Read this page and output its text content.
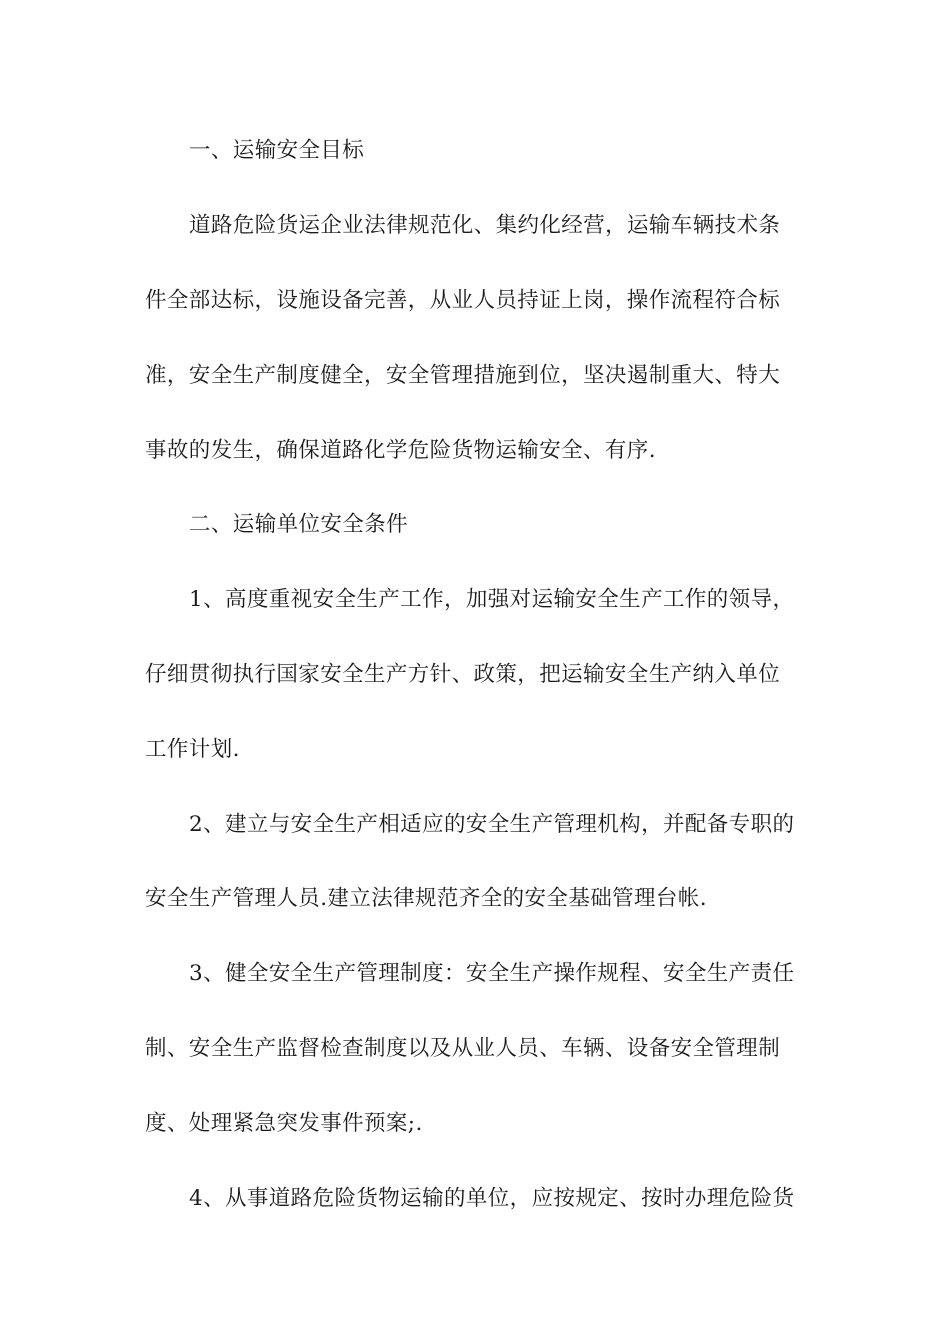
一、运输安全目标
道路危险货运企业法律规范化、集约化经营，运输车辆技术条
件全部达标，设施设备完善，从业人员持证上岗，操作流程符合标
准，安全生产制度健全，安全管理措施到位，坚决遏制重大、特大
事故的发生，确保道路化学危险货物运输安全、有序.
二、运输单位安全条件
1、高度重视安全生产工作，加强对运输安全生产工作的领导，
仔细贯彻执行国家安全生产方针、政策，把运输安全生产纳入单位
工作计划.
2、建立与安全生产相适应的安全生产管理机构，并配备专职的
安全生产管理人员.建立法律规范齐全的安全基础管理台帐.
3、健全安全生产管理制度：安全生产操作规程、安全生产责任
制、安全生产监督检查制度以及从业人员、车辆、设备安全管理制
度、处理紧急突发事件预案;.
4、从事道路危险货物运输的单位，应按规定、按时办理危险货
